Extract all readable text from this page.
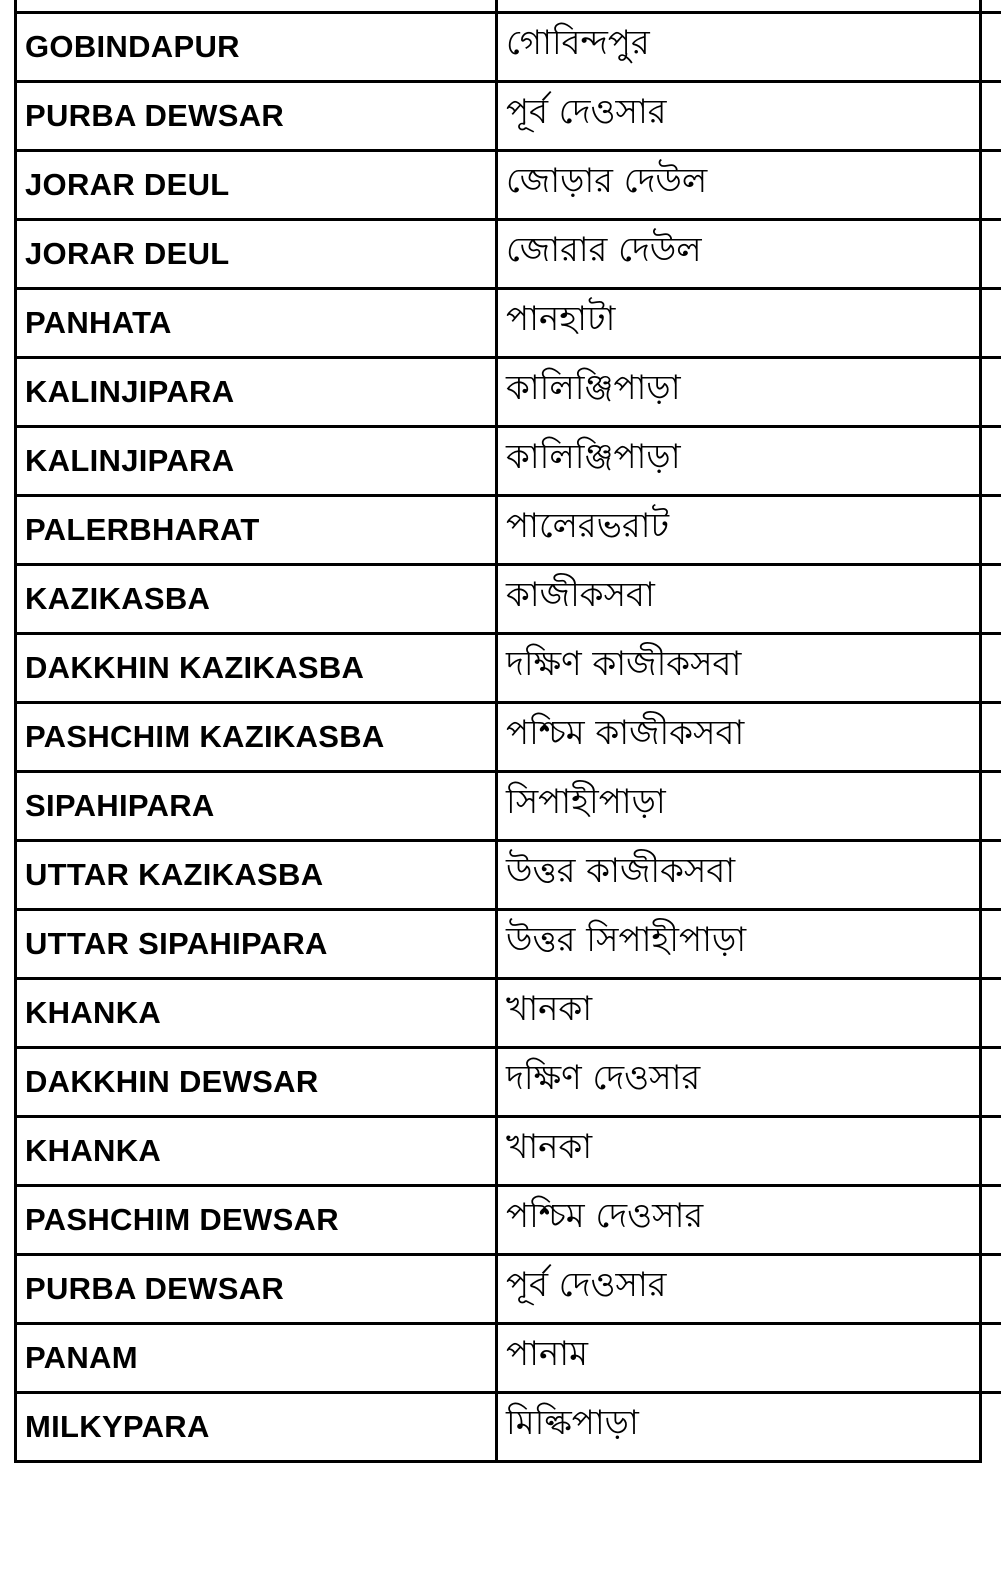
GOBINDAPUR	গোবিন্দপুর
PURBA DEWSAR	পূর্ব দেওসার
JORAR DEUL	জোড়ার দেউল
JORAR DEUL	জোরার দেউল
PANHATA	পানহাটা
KALINJIPARA	কালিঞ্জিপাড়া
KALINJIPARA	কালিঞ্জিপাড়া
PALERBHARAT	পালেরভরাট
KAZIKASBA	কাজীকসবা
DAKKHIN KAZIKASBA	দক্ষিণ কাজীকসবা
PASHCHIM KAZIKASBA	পশ্চিম কাজীকসবা
SIPAHIPARA	সিপাহীপাড়া
UTTAR KAZIKASBA	উত্তর কাজীকসবা
UTTAR SIPAHIPARA	উত্তর সিপাহীপাড়া
KHANKA	খানকা
DAKKHIN DEWSAR	দক্ষিণ দেওসার
KHANKA	খানকা
PASHCHIM DEWSAR	পশ্চিম দেওসার
PURBA DEWSAR	পূর্ব দেওসার
PANAM	পানাম
MILKYPARA	মিল্কিপাড়া
